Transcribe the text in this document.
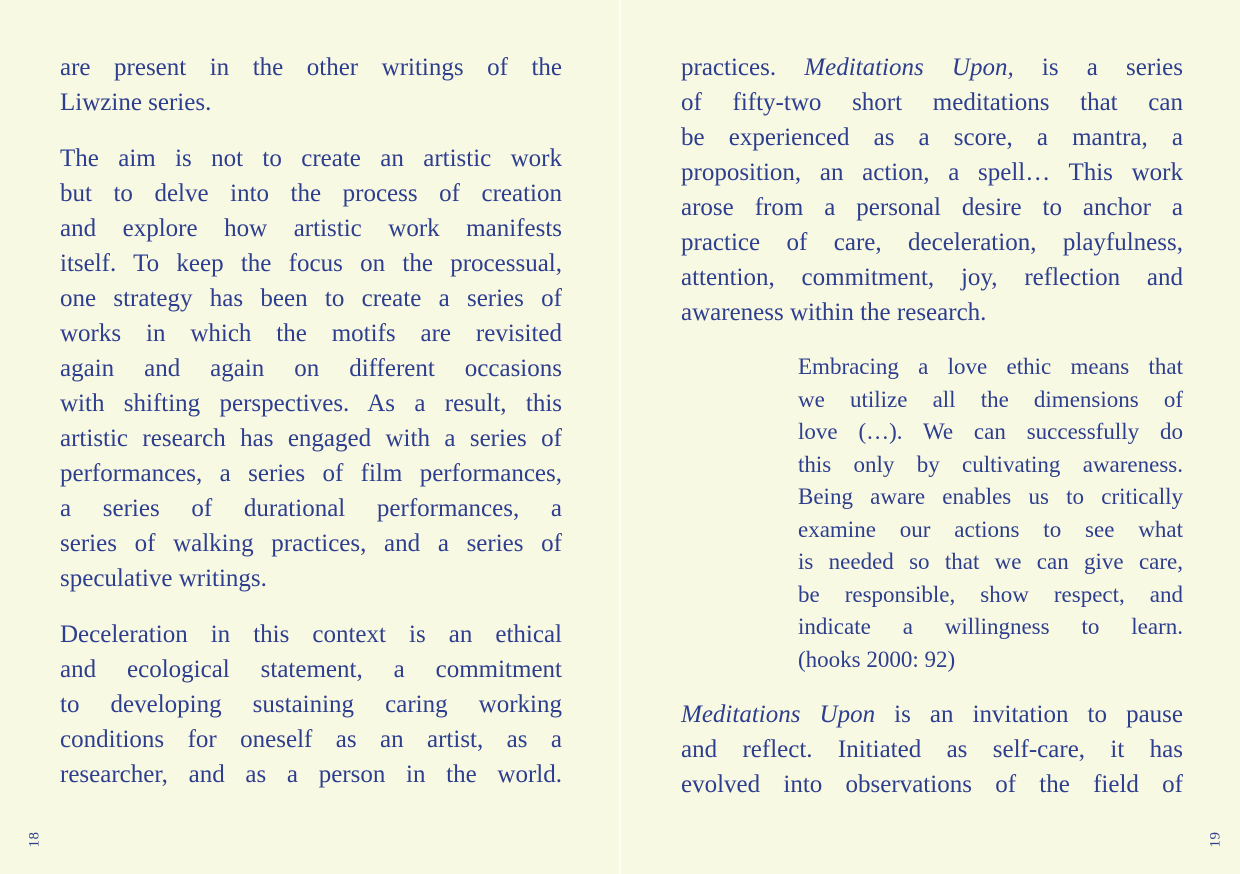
are present in the other writings of the
Liwzine series.
The aim is not to create an artistic work
but to delve into the process of creation
and explore how artistic work manifests
itself. To keep the focus on the processual,
one strategy has been to create a series of
works in which the motifs are revisited
again and again on different occasions
with shifting perspectives. As a result, this
artistic research has engaged with a series of
performances, a series of film performances,
a series of durational performances, a
series of walking practices, and a series of
speculative writings.
Deceleration in this context is an ethical
and ecological statement, a commitment
to developing sustaining caring working
conditions for oneself as an artist, as a
researcher, and as a person in the world.
18
practices. Meditations Upon, is a series
of fifty-two short meditations that can
be experienced as a score, a mantra, a
proposition, an action, a spell… This work
arose from a personal desire to anchor a
practice of care, deceleration, playfulness,
attention, commitment, joy, reflection and
awareness within the research.
Embracing a love ethic means that
we utilize all the dimensions of
love (…). We can successfully do
this only by cultivating awareness.
Being aware enables us to critically
examine our actions to see what
is needed so that we can give care,
be responsible, show respect, and
indicate a willingness to learn.
(hooks 2000: 92)
Meditations Upon is an invitation to pause
and reflect. Initiated as self-care, it has
evolved into observations of the field of
19
